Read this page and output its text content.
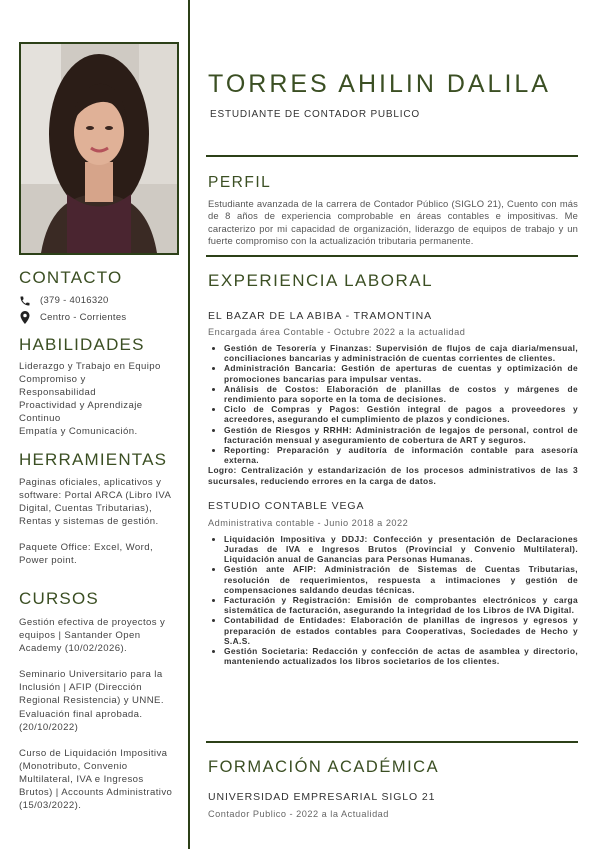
CONTACTO
(379 - 4016320
Centro - Corrientes
HABILIDADES
Liderazgo y Trabajo en Equipo
Compromiso y
Responsabilidad
Proactividad y Aprendizaje
Continuo
Empatía y Comunicación.
HERRAMIENTAS
Paginas oficiales, aplicativos y software: Portal ARCA (Libro IVA Digital, Cuentas Tributarias), Rentas y sistemas de gestión.
Paquete Office: Excel, Word, Power point.
CURSOS
Gestión efectiva de proyectos y equipos | Santander Open Academy (10/02/2026).
Seminario Universitario para la Inclusión | AFIP (Dirección Regional Resistencia) y UNNE. Evaluación final aprobada. (20/10/2022)
Curso de Liquidación Impositiva (Monotributo, Convenio Multilateral, IVA e Ingresos Brutos) | Accounts Administrativo (15/03/2022).
TORRES AHILIN DALILA
ESTUDIANTE DE CONTADOR PUBLICO
PERFIL
Estudiante avanzada de la carrera de Contador Público (SIGLO 21), Cuento con más de 8 años de experiencia comprobable en áreas contables e impositivas. Me caracterizo por mi capacidad de organización, liderazgo de equipos de trabajo y un fuerte compromiso con la actualización tributaria permanente.
EXPERIENCIA LABORAL
EL BAZAR DE LA ABIBA - TRAMONTINA
Encargada área Contable - Octubre 2022 a la actualidad
• Gestión de Tesorería y Finanzas: Supervisión de flujos de caja diaria/mensual, conciliaciones bancarias y administración de cuentas corrientes de clientes.
• Administración Bancaria: Gestión de aperturas de cuentas y optimización de promociones bancarias para impulsar ventas.
• Análisis de Costos: Elaboración de planillas de costos y márgenes de rendimiento para soporte en la toma de decisiones.
• Ciclo de Compras y Pagos: Gestión integral de pagos a proveedores y acreedores, asegurando el cumplimiento de plazos y condiciones.
• Gestión de Riesgos y RRHH: Administración de legajos de personal, control de facturación mensual y aseguramiento de cobertura de ART y seguros.
• Reporting: Preparación y auditoría de información contable para asesoría externa.
Logro: Centralización y estandarización de los procesos administrativos de las 3 sucursales, reduciendo errores en la carga de datos.
ESTUDIO CONTABLE VEGA
Administrativa contable - Junio 2018 a 2022
• Liquidación Impositiva y DDJJ: Confección y presentación de Declaraciones Juradas de IVA e Ingresos Brutos (Provincial y Convenio Multilateral). Liquidación anual de Ganancias para Personas Humanas.
• Gestión ante AFIP: Administración de Sistemas de Cuentas Tributarias, resolución de requerimientos, respuesta a intimaciones y gestión de compensaciones saldando deudas técnicas.
• Facturación y Registración: Emisión de comprobantes electrónicos y carga sistemática de facturación, asegurando la integridad de los Libros de IVA Digital.
• Contabilidad de Entidades: Elaboración de planillas de ingresos y egresos y preparación de estados contables para Cooperativas, Sociedades de Hecho y S.A.S.
• Gestión Societaria: Redacción y confección de actas de asamblea y directorio, manteniendo actualizados los libros societarios de los clientes.
FORMACIÓN ACADÉMICA
UNIVERSIDAD EMPRESARIAL SIGLO 21
Contador Publico - 2022 a la Actualidad
